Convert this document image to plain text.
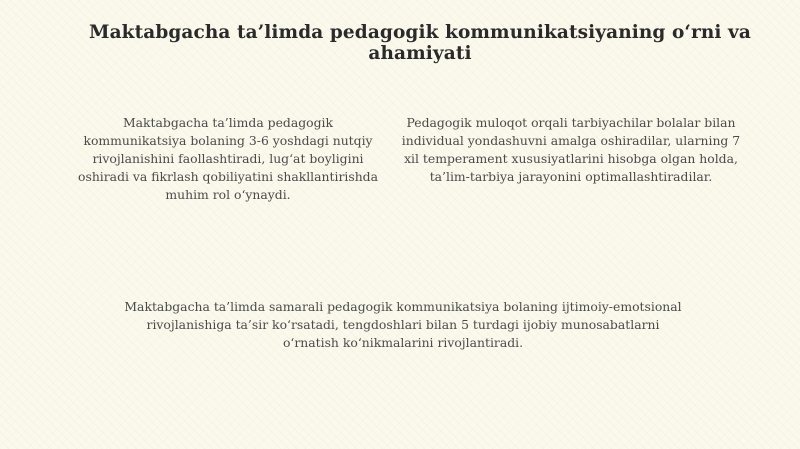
Maktabgacha ta’limda pedagogik kommunikatsiyaning o‘rni va ahamiyati

Maktabgacha ta’limda pedagogik kommunikatsiya bolaning 3-6 yoshdagi nutqiy rivojlanishini faollashtiradi, lug‘at boyligini oshiradi va fikrlash qobiliyatini shakllantirishda muhim rol o‘ynaydi.

Pedagogik muloqot orqali tarbiyachilar bolalar bilan individual yondashuvni amalga oshiradilar, ularning 7 xil temperament xususiyatlarini hisobga olgan holda, ta’lim-tarbiya jarayonini optimallashtiradilar.

Maktabgacha ta’limda samarali pedagogik kommunikatsiya bolaning ijtimoiy-emotsional rivojlanishiga ta’sir ko‘rsatadi, tengdoshlari bilan 5 turdagi ijobiy munosabatlarni o‘rnatish ko‘nikmalarini rivojlantiradi.
